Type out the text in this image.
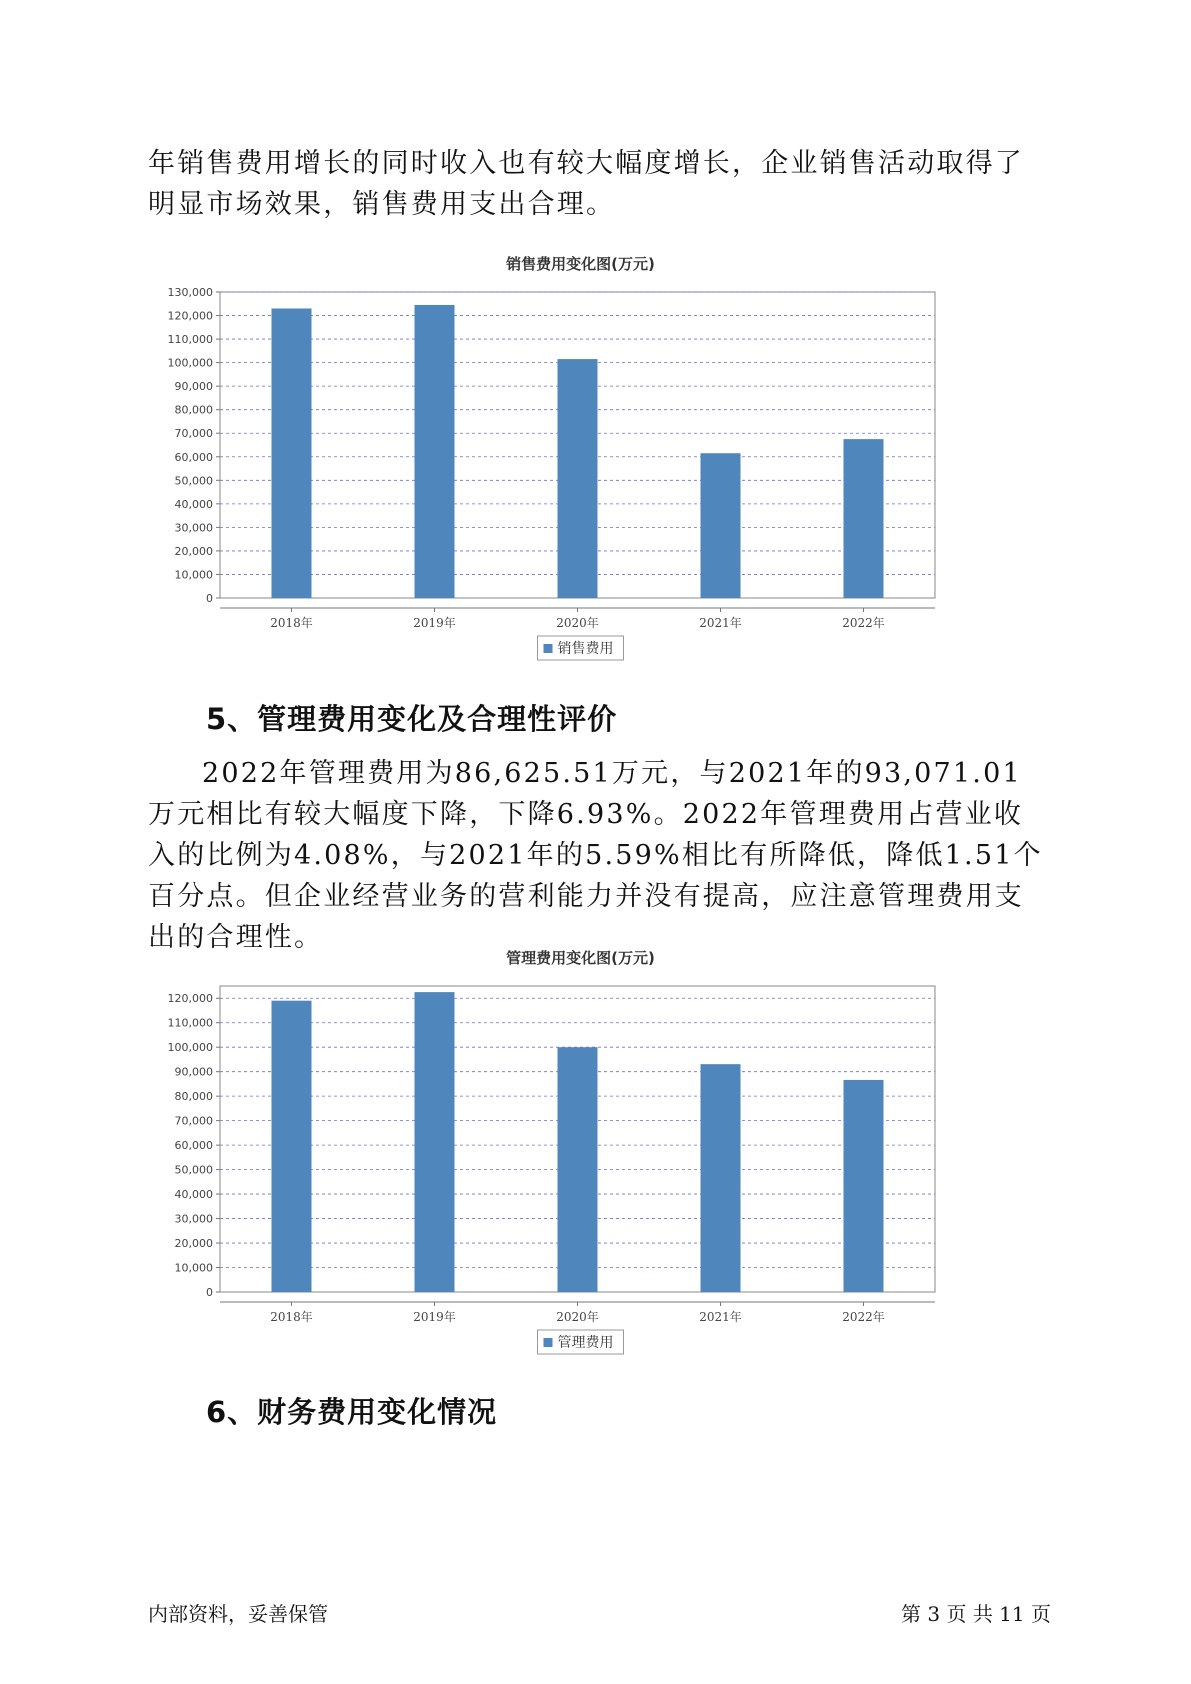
年销售费用增长的同时收入也有较大幅度增长，企业销售活动取得了明显市场效果，销售费用支出合理。

销售费用变化图(万元)
0
10,000
20,000
30,000
40,000
50,000
60,000
70,000
80,000
90,000
100,000
110,000
120,000
130,000
2018年	2019年	2020年	2021年	2022年
销售费用
5、管理费用变化及合理性评价

2022年管理费用为86,625.51万元，与2021年的93,071.01万元相比有较大幅度下降，下降6.93%。2022年管理费用占营业收入的比例为4.08%，与2021年的5.59%相比有所降低，降低1.51个百分点。但企业经营业务的营利能力并没有提高，应注意管理费用支出的合理性。

管理费用变化图(万元)
0
10,000
20,000
30,000
40,000
50,000
60,000
70,000
80,000
90,000
100,000
110,000
120,000
2018年	2019年	2020年	2021年	2022年
管理费用
6、财务费用变化情况
内部资料，妥善保管	第 3 页 共 11 页
